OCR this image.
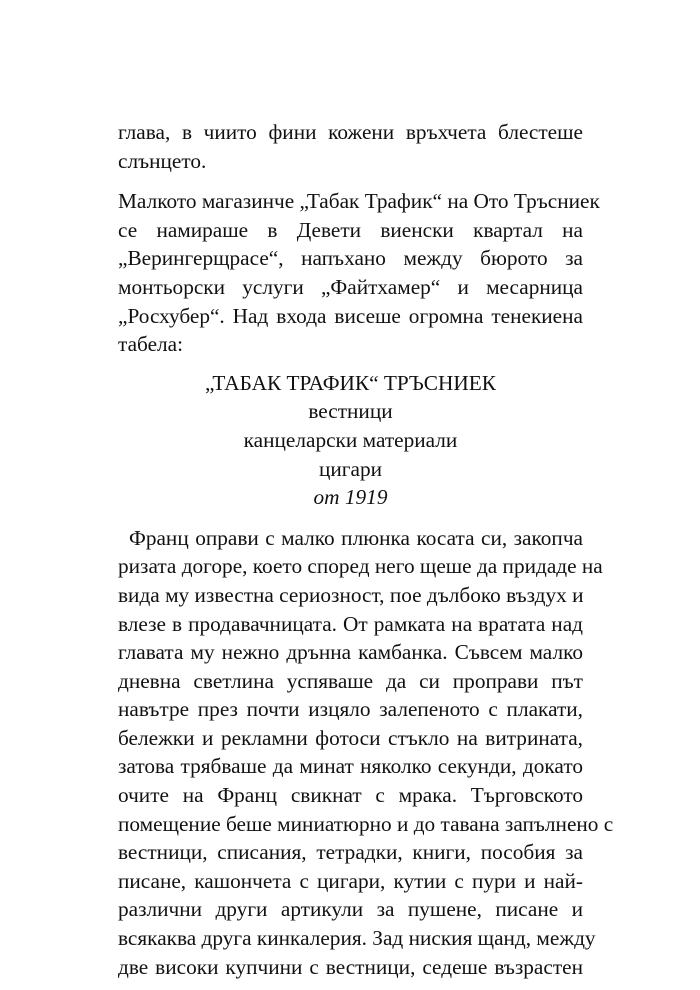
глава, в чиито фини кожени връхчета блестеше
слънцето.
Малкото магазинче „Табак Трафик“ на Ото Тръсниек
се намираше в Девети виенски квартал на
„Верингерщрасе“, напъхано между бюрото за
монтьорски услуги „Файтхамер“ и месарница
„Росхубер“. Над входа висеше огромна тенекиена
табела:
„ТАБАК ТРАФИК“ ТРЪСНИЕК
вестници
канцеларски материали
цигари
от 1919
Франц оправи с малко плюнка косата си, закопча
ризата догоре, което според него щеше да придаде на
вида му известна сериозност, пое дълбоко въздух и
влезе в продавачницата. От рамката на вратата над
главата му нежно дрънна камбанка. Съвсем малко
дневна светлина успяваше да си проправи път
навътре през почти изцяло залепеното с плакати,
бележки и рекламни фотоси стъкло на витрината,
затова трябваше да минат няколко секунди, докато
очите на Франц свикнат с мрака. Търговското
помещение беше миниатюрно и до тавана запълнено с
вестници, списания, тетрадки, книги, пособия за
писане, кашончета с цигари, кутии с пури и най-
различни други артикули за пушене, писане и
всякаква друга кинкалерия. Зад ниския щанд, между
две високи купчини с вестници, седеше възрастен
